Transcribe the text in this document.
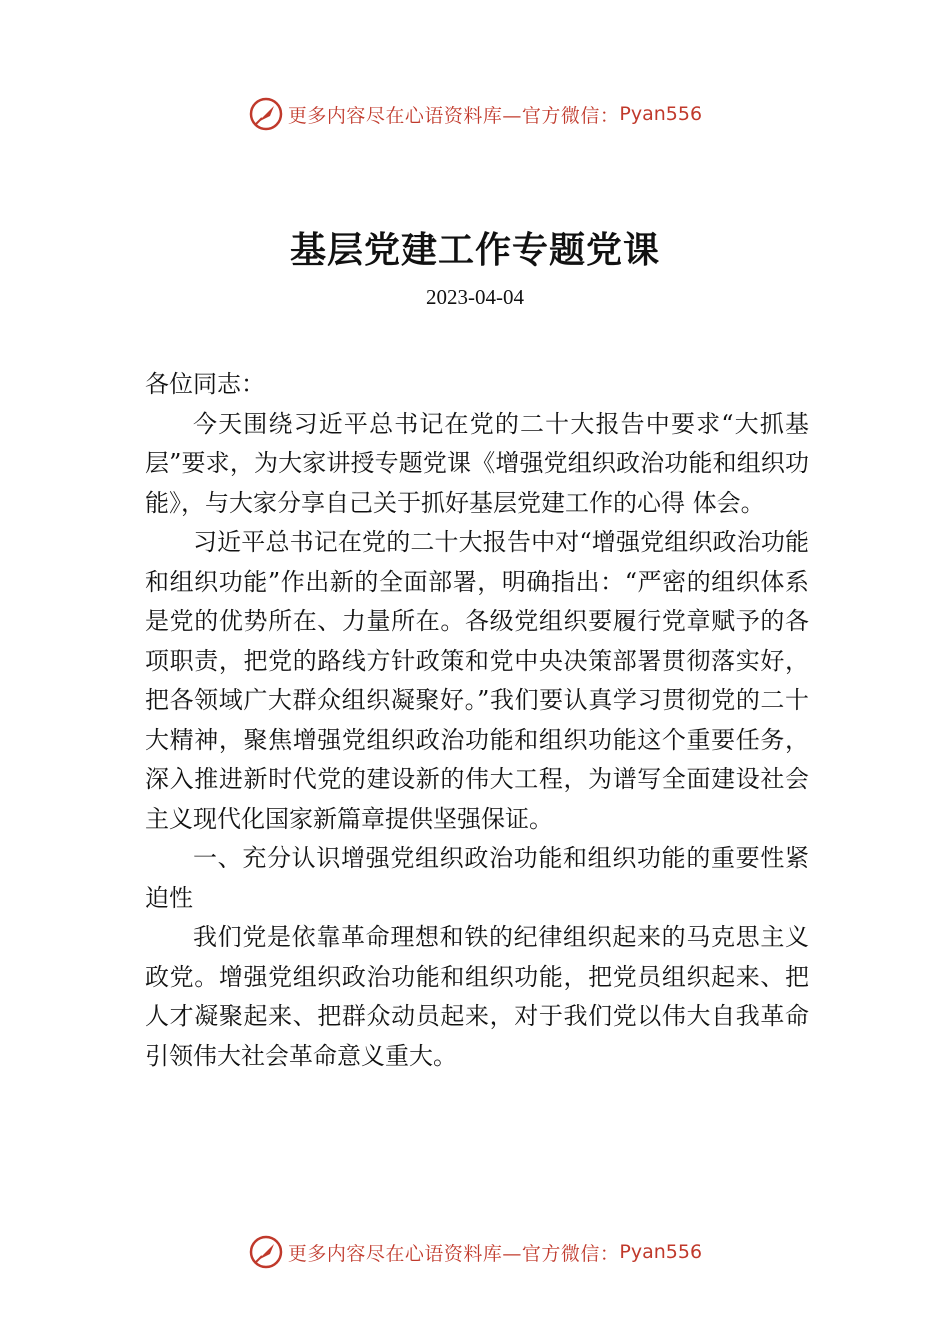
更多内容尽在心语资料库—官方微信： Pyan556
基层党建工作专题党课
2023-04-04

各位同志：

今天围绕习近平总书记在党的二十大报告中要求“大抓基层”要求，为大家讲授专题党课《增强党组织政治功能和组织功能》，与大家分享自己关于抓好基层党建工作的心得 体会。

习近平总书记在党的二十大报告中对“增强党组织政治功能和组织功能”作出新的全面部署，明确指出：“严密的组织体系是党的优势所在、力量所在。各级党组织要履行党章赋予的各项职责，把党的路线方针政策和党中央决策部署贯彻落实好，把各领域广大群众组织凝聚好。”我们要认真学习贯彻党的二十大精神，聚焦增强党组织政治功能和组织功能这个重要任务，深入推进新时代党的建设新的伟大工程，为谱写全面建设社会主义现代化国家新篇章提供坚强保证。

一、充分认识增强党组织政治功能和组织功能的重要性紧迫性

我们党是依靠革命理想和铁的纪律组织起来的马克思主义政党。增强党组织政治功能和组织功能，把党员组织起来、把人才凝聚起来、把群众动员起来，对于我们党以伟大自我革命引领伟大社会革命意义重大。

更多内容尽在心语资料库—官方微信： Pyan556
